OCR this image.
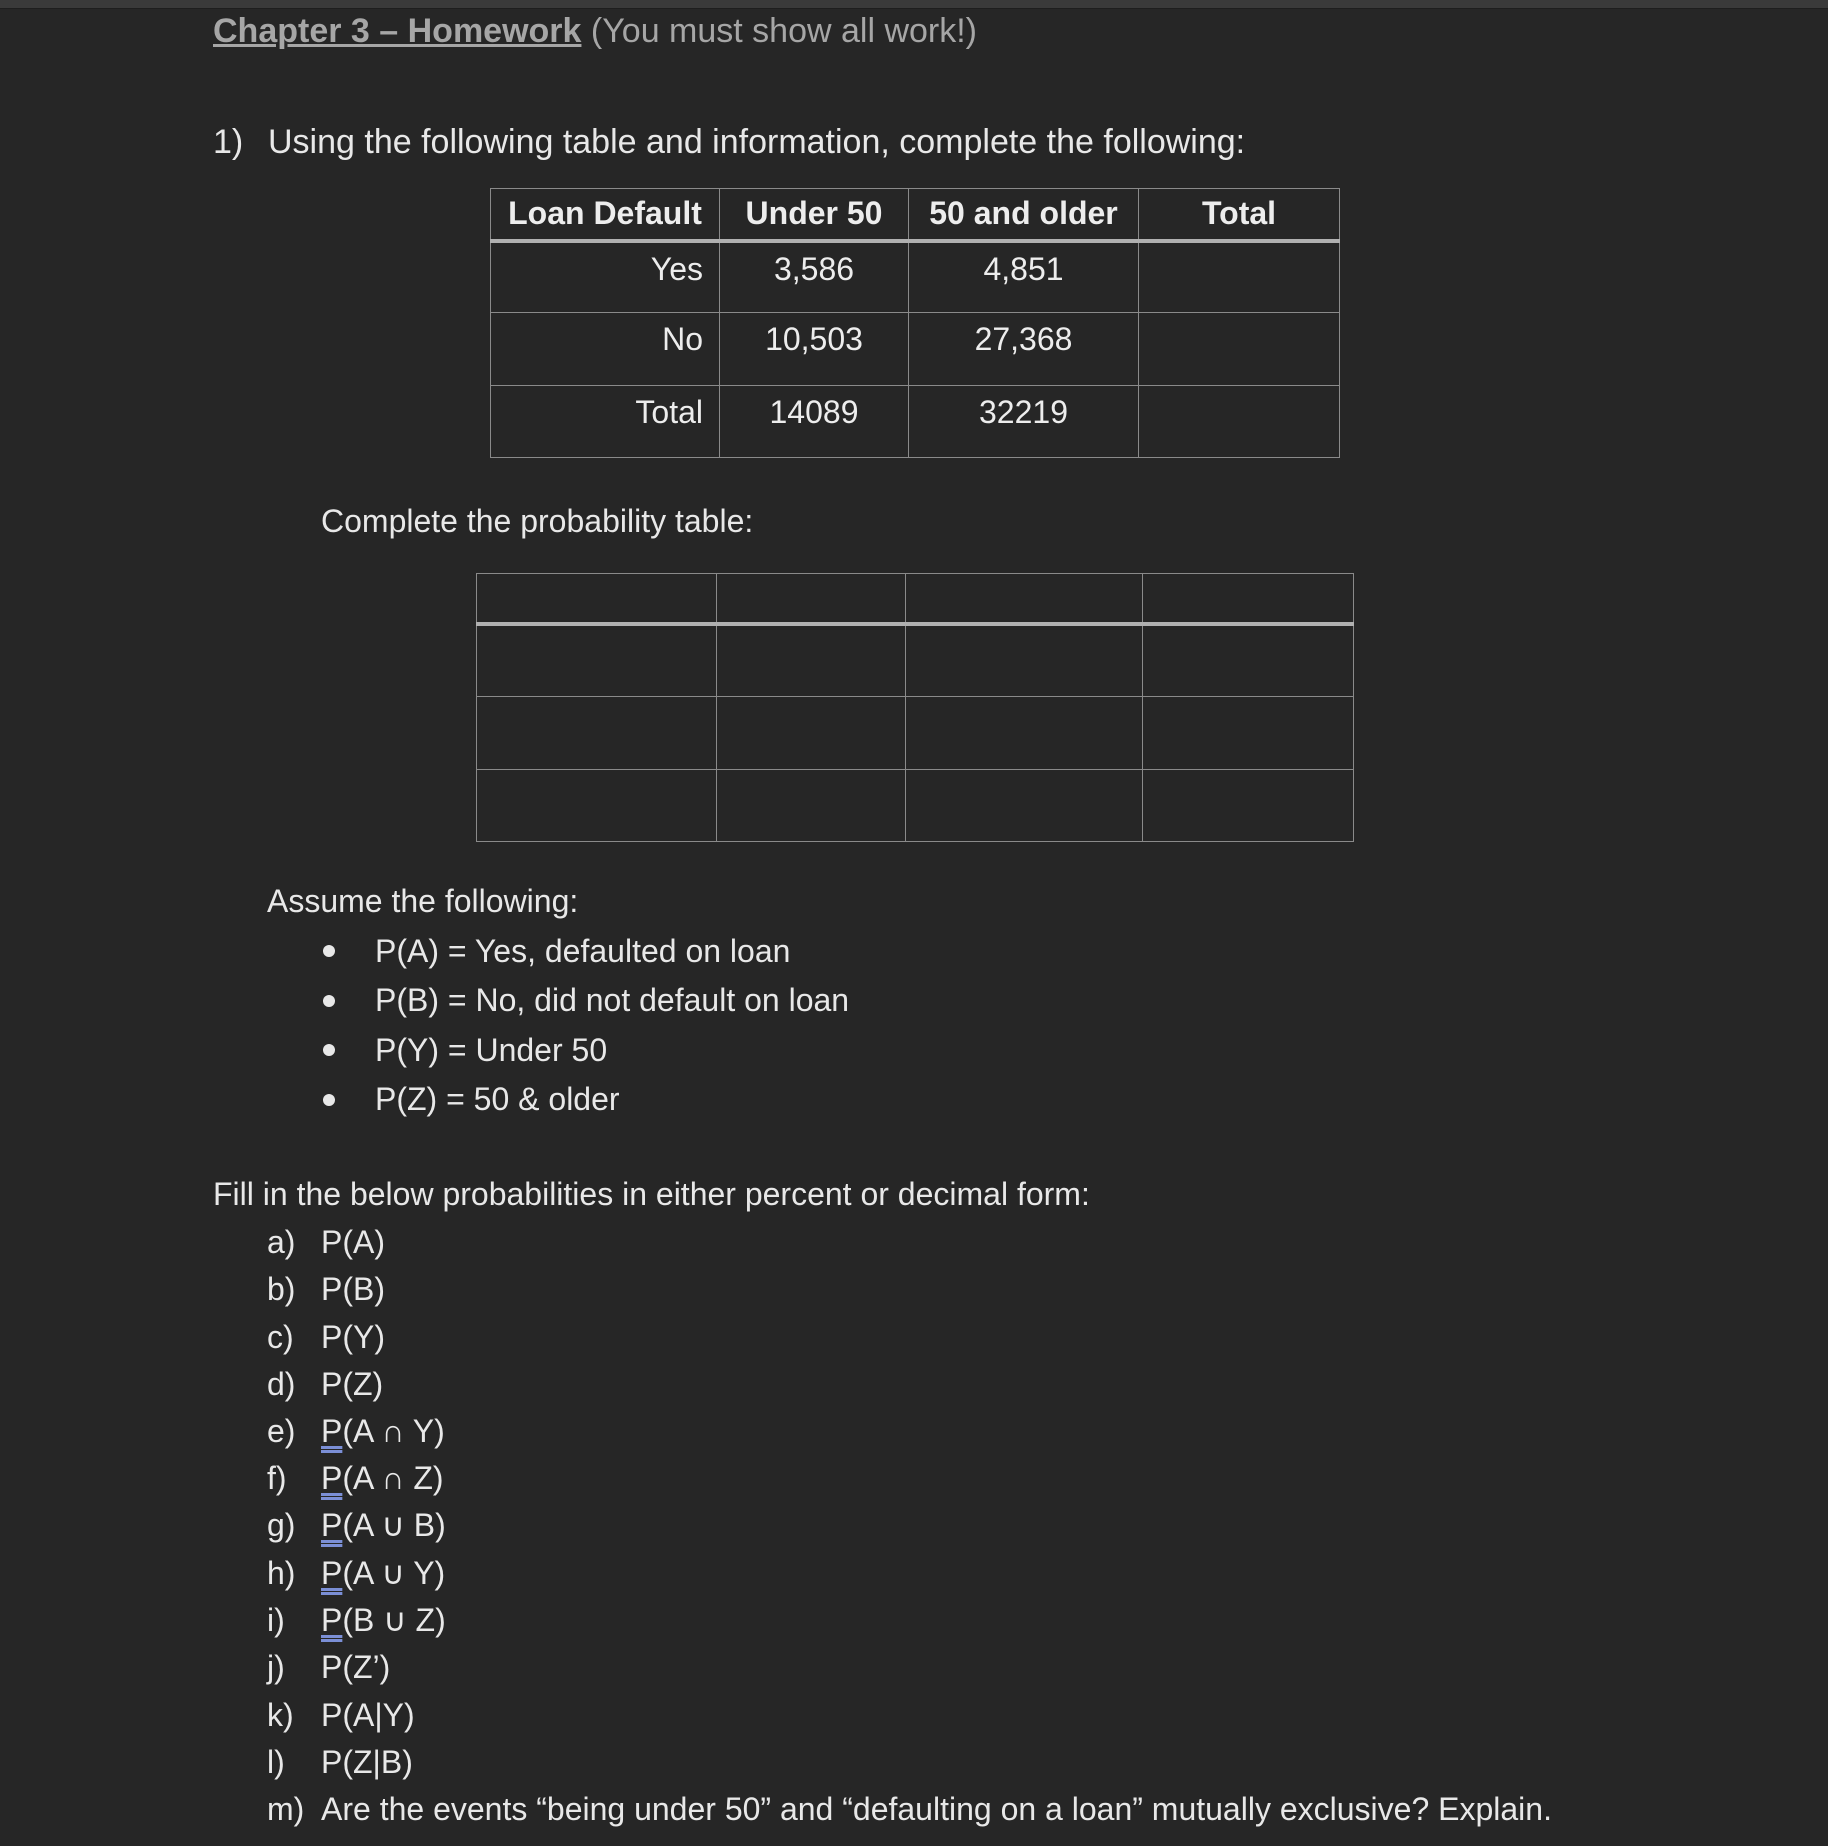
Chapter 3 – Homework (You must show all work!)
1) Using the following table and information, complete the following:
Loan Default	Under 50	50 and older	Total
Yes	3,586	4,851	
No	10,503	27,368	
Total	14089	32219	
Complete the probability table:

Assume the following:
P(A) = Yes, defaulted on loan
P(B) = No, did not default on loan
P(Y) = Under 50
P(Z) = 50 & older
Fill in the below probabilities in either percent or decimal form:
a) P(A)
b) P(B)
c) P(Y)
d) P(Z)
e) P(A ∩ Y)
f) P(A ∩ Z)
g) P(A ∪ B)
h) P(A ∪ Y)
i) P(B ∪ Z)
j) P(Z’)
k) P(A|Y)
l) P(Z|B)
m) Are the events “being under 50” and “defaulting on a loan” mutually exclusive? Explain.
